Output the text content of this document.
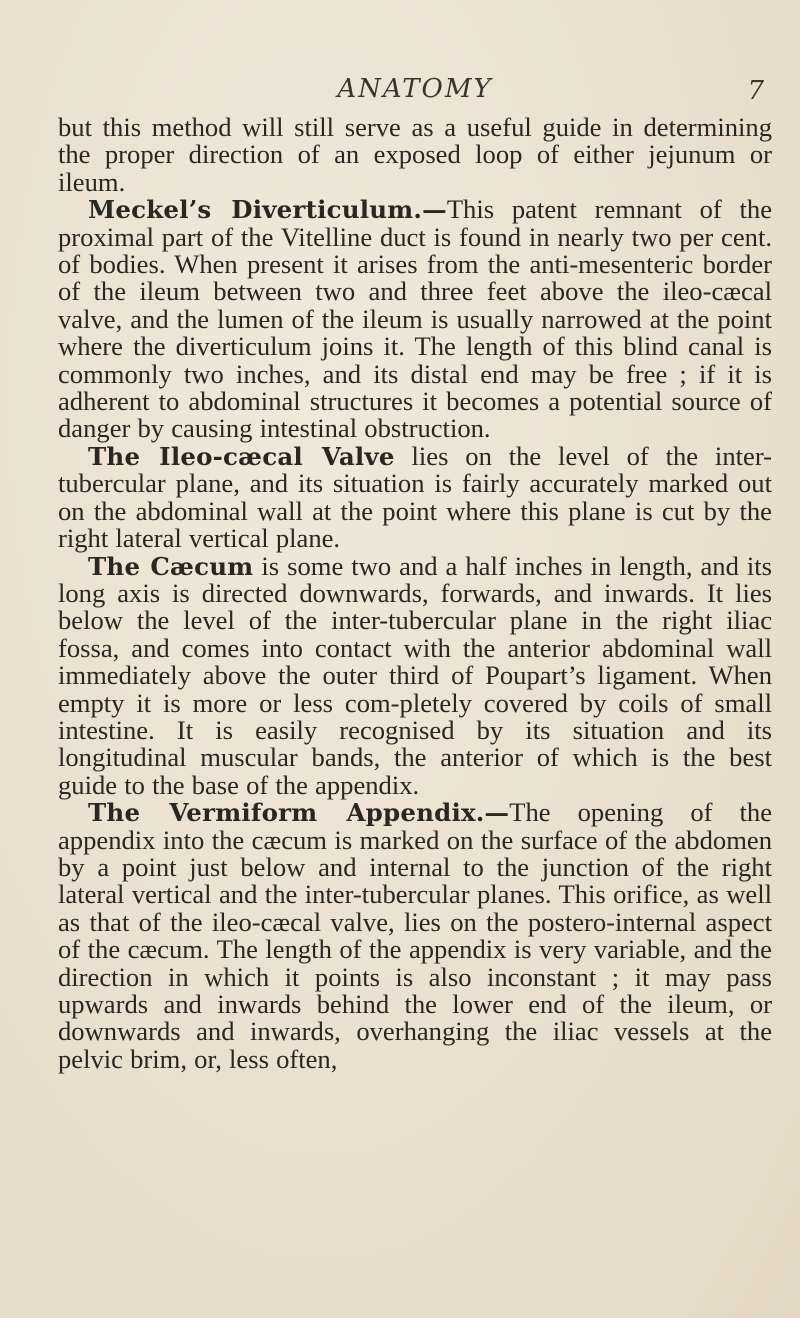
ANATOMY	7

but this method will still serve as a useful guide in determining the proper direction of an exposed loop of either jejunum or ileum.

Meckel’s Diverticulum.—This patent remnant of the proximal part of the Vitelline duct is found in nearly two per cent. of bodies. When present it arises from the anti-mesenteric border of the ileum between two and three feet above the ileo-cæcal valve, and the lumen of the ileum is usually narrowed at the point where the diverticulum joins it. The length of this blind canal is commonly two inches, and its distal end may be free ; if it is adherent to abdominal structures it becomes a potential source of danger by causing intestinal obstruction.

The Ileo-cæcal Valve lies on the level of the inter-tubercular plane, and its situation is fairly accurately marked out on the abdominal wall at the point where this plane is cut by the right lateral vertical plane.

The Cæcum is some two and a half inches in length, and its long axis is directed downwards, forwards, and inwards. It lies below the level of the inter-tubercular plane in the right iliac fossa, and comes into contact with the anterior abdominal wall immediately above the outer third of Poupart’s ligament. When empty it is more or less com-pletely covered by coils of small intestine. It is easily recognised by its situation and its longitudinal muscular bands, the anterior of which is the best guide to the base of the appendix.

The Vermiform Appendix.—The opening of the appendix into the cæcum is marked on the surface of the abdomen by a point just below and internal to the junction of the right lateral vertical and the inter-tubercular planes. This orifice, as well as that of the ileo-cæcal valve, lies on the postero-internal aspect of the cæcum. The length of the appendix is very variable, and the direction in which it points is also inconstant ; it may pass upwards and inwards behind the lower end of the ileum, or downwards and inwards, overhanging the iliac vessels at the pelvic brim, or, less often,
